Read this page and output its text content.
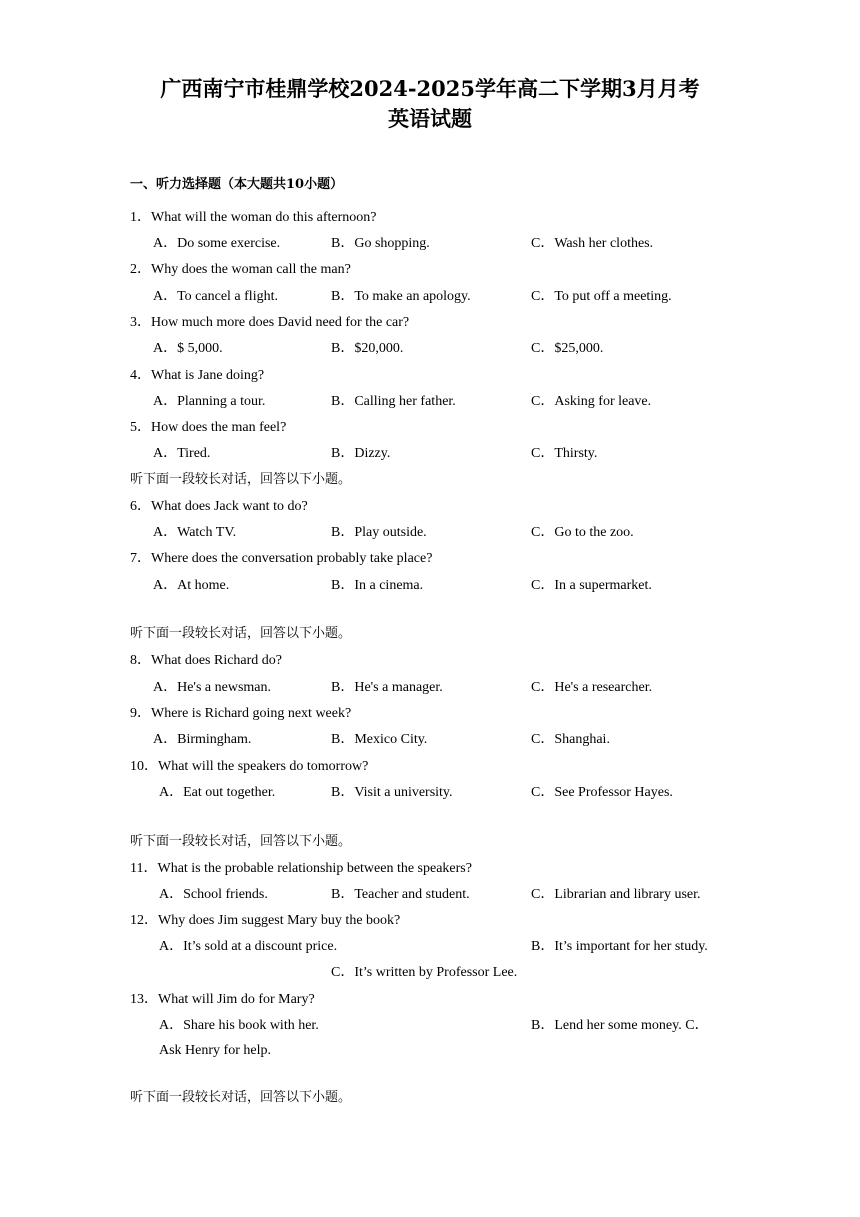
广西南宁市桂鼎学校2024-2025学年高二下学期3月月考
英语试题
一、听力选择题（本大题共10小题）
1．What will the woman do this afternoon?
A．Do some exercise.	B．Go shopping.	C．Wash her clothes.
2．Why does the woman call the man?
A．To cancel a flight.	B．To make an apology.	C．To put off a meeting.
3．How much more does David need for the car?
A．$ 5,000.	B．$20,000.	C．$25,000.
4．What is Jane doing?
A．Planning a tour.	B．Calling her father.	C．Asking for leave.
5．How does the man feel?
A．Tired.	B．Dizzy.	C．Thirsty.
听下面一段较长对话，回答以下小题。
6．What does Jack want to do?
A．Watch TV.	B．Play outside.	C．Go to the zoo.
7．Where does the conversation probably take place?
A．At home.	B．In a cinema.	C．In a supermarket.
听下面一段较长对话，回答以下小题。
8．What does Richard do?
A．He's a newsman.	B．He's a manager.	C．He's a researcher.
9．Where is Richard going next week?
A．Birmingham.	B．Mexico City.	C．Shanghai.
10．What will the speakers do tomorrow?
A．Eat out together.	B．Visit a university.	C．See Professor Hayes.
听下面一段较长对话，回答以下小题。
11．What is the probable relationship between the speakers?
A．School friends.	B．Teacher and student.	C．Librarian and library user.
12．Why does Jim suggest Mary buy the book?
A．It’s sold at a discount price.	B．It’s important for her study.
C．It’s written by Professor Lee.
13．What will Jim do for Mary?
A．Share his book with her.	B．Lend her some money. C．
Ask Henry for help.
听下面一段较长对话，回答以下小题。
